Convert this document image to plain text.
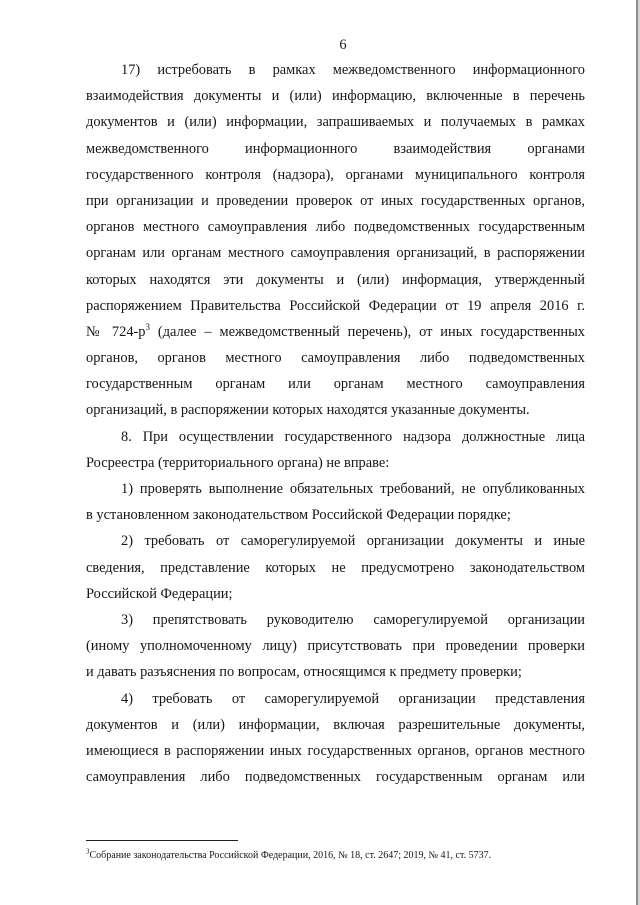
6
17) истребовать в рамках межведомственного информационного
взаимодействия документы и (или) информацию, включенные в перечень
документов и (или) информации, запрашиваемых и получаемых в рамках
межведомственного информационного взаимодействия органами
государственного контроля (надзора), органами муниципального контроля
при организации и проведении проверок от иных государственных органов,
органов местного самоуправления либо подведомственных государственным
органам или органам местного самоуправления организаций, в распоряжении
которых находятся эти документы и (или) информация, утвержденный
распоряжением Правительства Российской Федерации от 19 апреля 2016 г.
№ $724-р^3$ (далее – межведомственный перечень), от иных государственных
органов, органов местного самоуправления либо подведомственных
государственным органам или органам местного самоуправления
организаций, в распоряжении которых находятся указанные документы.
8. При осуществлении государственного надзора должностные лица
Росреестра (территориального органа) не вправе:
1) проверять выполнение обязательных требований, не опубликованных
в установленном законодательством Российской Федерации порядке;
2) требовать от саморегулируемой организации документы и иные
сведения, представление которых не предусмотрено законодательством
Российской Федерации;
3) препятствовать руководителю саморегулируемой организации
(иному уполномоченному лицу) присутствовать при проведении проверки
и давать разъяснения по вопросам, относящимся к предмету проверки;
4) требовать от саморегулируемой организации представления
документов и (или) информации, включая разрешительные документы,
имеющиеся в распоряжении иных государственных органов, органов местного
самоуправления либо подведомственных государственным органам или
$^3$Собрание законодательства Российской Федерации, 2016, № 18, ст. 2647; 2019, № 41, ст. 5737.
